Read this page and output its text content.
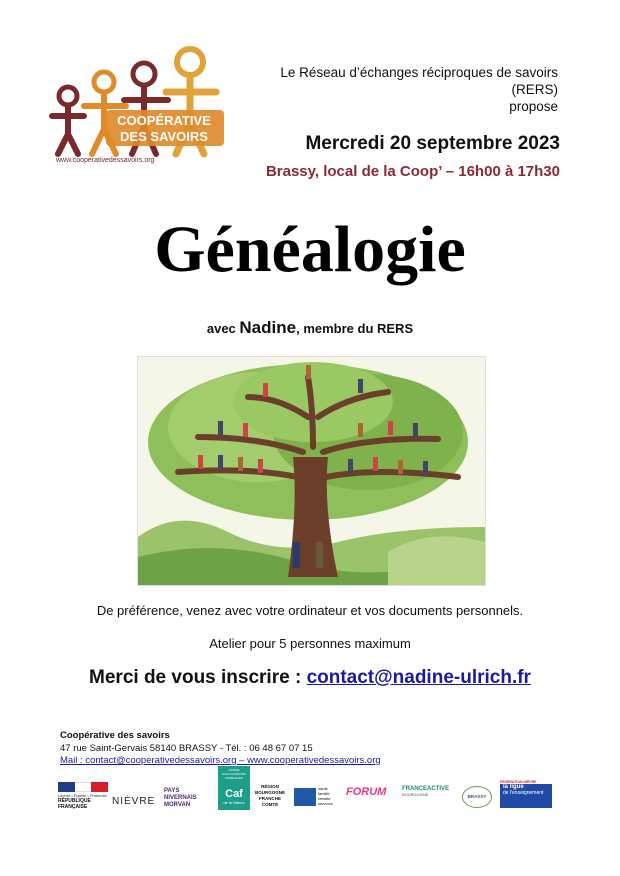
COOPÉRATIVE
DES SAVOIRS
www.cooperativedessavoirs.org
Le Réseau d’échanges réciproques de savoirs
(RERS)
propose
Mercredi 20 septembre 2023
Brassy, local de la Coop’ – 16h00 à 17h30
Généalogie
avec Nadine, membre du RERS
De préférence, venez avec votre ordinateur et vos documents personnels.
Atelier pour 5 personnes maximum
Merci de vous inscrire : contact@nadine-ulrich.fr
Coopérative des savoirs
47 rue Saint-Gervais 58140 BRASSY - Tél. : 06 48 67 07 15
Mail : contact@cooperativedessavoirs.org – www.cooperativedessavoirs.org
Liberté • Égalité • Fraternité
RÉPUBLIQUE FRANÇAISE	NIÈVRE
PAYS
NIVERNAIS
MORVAN
CAISSE D'ALLOCATIONS FAMILIALES
Caf
de la Nièvre
RÉGION
BOURGOGNE
FRANCHE
COMTÉ
santé
famille
retraite
services
FORUM	FRANCEACTIVE
BOURGOGNE	BRASSY
FÉDÉRATION NIÈVRE
la ligue
de l'enseignement
